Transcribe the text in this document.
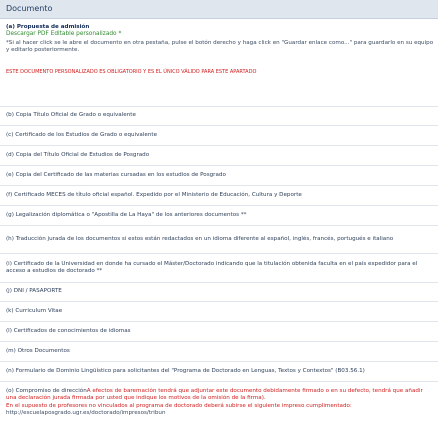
Documento
(a) Propuesta de admisión
Descargar PDF Editable personalizado *
*Si al hacer click se le abre el documento en otra pestaña, pulse el botón derecho y haga click en "Guardar enlace como..." para guardarlo en su equipo y editarlo posteriormente.
ESTE DOCUMENTO PERSONALIZADO ES OBLIGATORIO Y ES EL ÚNICO VÁLIDO PARA ESTE APARTADO
(b) Copia Título Oficial de Grado o equivalente
(c) Certificado de los Estudios de Grado o equivalente
(d) Copia del Título Oficial de Estudios de Posgrado
(e) Copia del Certificado de las materias cursadas en los estudios de Posgrado
(f) Certificado MECES de título oficial español. Expedido por el Ministerio de Educación, Cultura y Deporte
(g) Legalización diplomática o "Apostilla de La Haya" de los anteriores documentos **
(h) Traducción jurada de los documentos si estos están redactados en un idioma diferente al español, inglés, francés, portugués e italiano
(i) Certificado de la Universidad en donde ha cursado el Máster/Doctorado indicando que la titulación obtenida faculta en el país expedidor para el acceso a estudios de doctorado **
(j) DNI / PASAPORTE
(k) Curriculum Vitae
(l) Certificados de conocimientos de idiomas
(m) Otros Documentos
(n) Formulario de Dominio Lingüístico para solicitantes del "Programa de Doctorado en Lenguas, Textos y Contextos" (B03.56.1)
(o) Compromiso de direcciónA efectos de baremación tendrá que adjuntar este documento debidamente firmado o en su defecto, tendrá que añadir una declaración jurada firmada por usted que indique los motivos de la omisión de la firma).
En el supuesto de profesores no vinculados al programa de doctorado deberá subirse el siguiente impreso cumplimentado:
http://escuelaposgrado.ugr.es/doctorado/impresos/tribun
